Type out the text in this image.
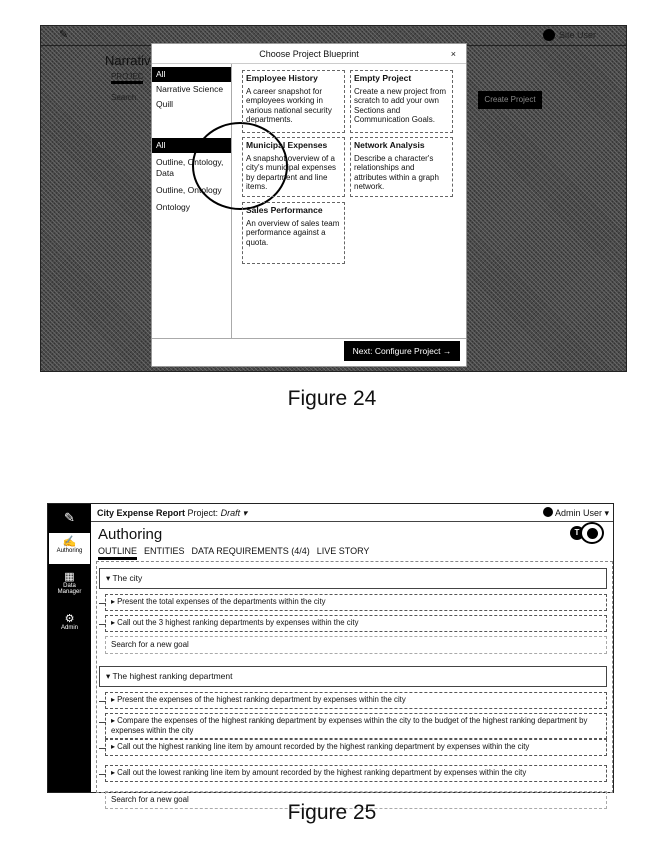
✎	Site User
Narrativ
PROJEC
Search	Create Project
Choose Project Blueprint	×
All
Narrative Science
Quill
All
Outline, Ontology, Data
Outline, Ontology
Ontology
Employee History
A career snapshot for employees working in various national security departments.
Empty Project
Create a new project from scratch to add your own Sections and Communication Goals.
Municipal Expenses
A snapshot overview of a city's municipal expenses by department and line items.
Network Analysis
Describe a character's relationships and attributes within a graph network.
Sales Performance
An overview of sales team performance against a quota.
Next: Configure Project →
Figure 24
✎
✍
Authoring
▦
Data Manager
⚙
Admin
City Expense Report Project: Draft ▾	Admin User ▾
Authoring	T
OUTLINE ENTITIES DATA REQUIREMENTS (4/4) LIVE STORY
▾ The city
▸ Present the total expenses of the departments within the city
▸ Call out the 3 highest ranking departments by expenses within the city
Search for a new goal
▾ The highest ranking department
▸ Present the expenses of the highest ranking department by expenses within the city
▸ Compare the expenses of the highest ranking department by expenses within the city to the budget of the highest ranking department by expenses within the city
▸ Call out the highest ranking line item by amount recorded by the highest ranking department by expenses within the city
▸ Call out the lowest ranking line item by amount recorded by the highest ranking department by expenses within the city
Search for a new goal
Figure 25
